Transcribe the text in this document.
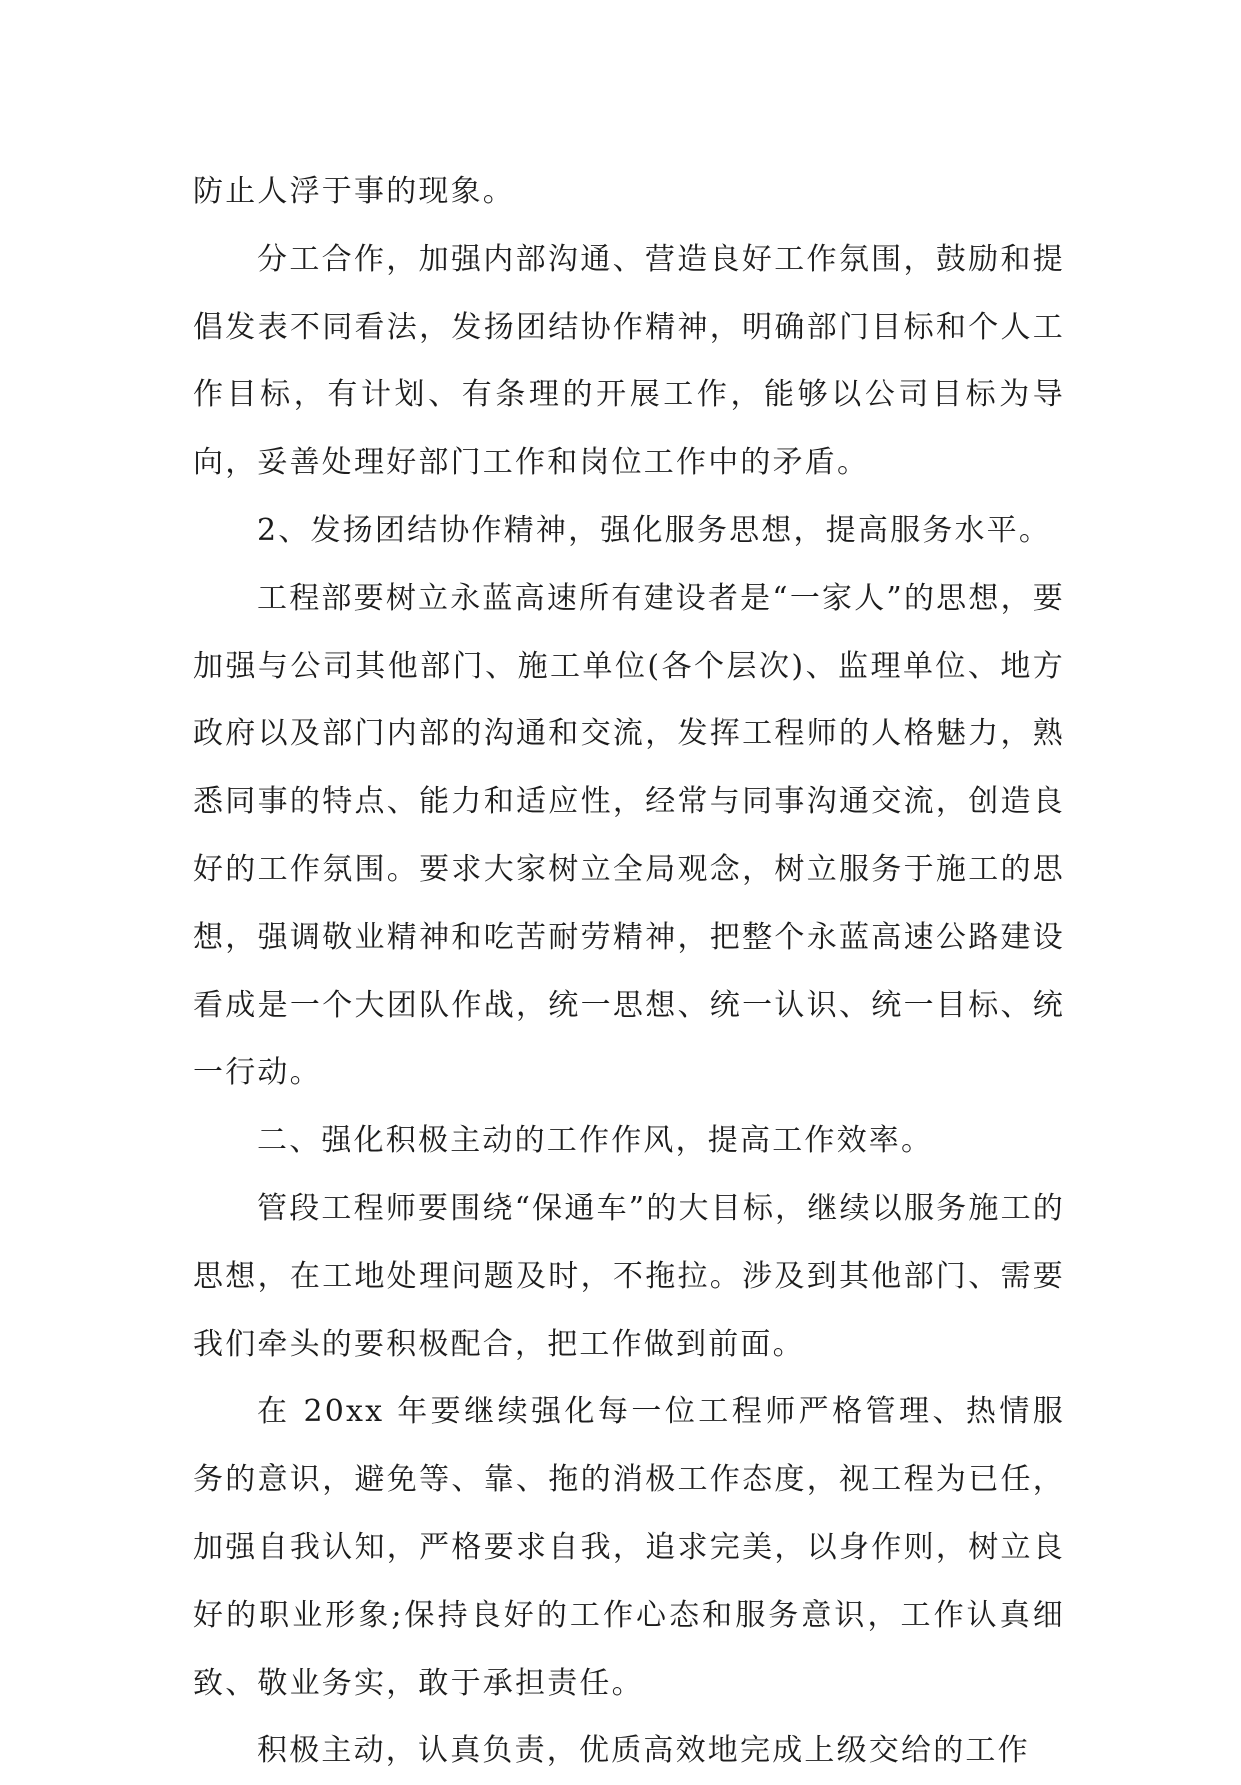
防止人浮于事的现象。

分工合作，加强内部沟通、营造良好工作氛围，鼓励和提倡发表不同看法，发扬团结协作精神，明确部门目标和个人工作目标，有计划、有条理的开展工作，能够以公司目标为导向，妥善处理好部门工作和岗位工作中的矛盾。

2、发扬团结协作精神，强化服务思想，提高服务水平。

工程部要树立永蓝高速所有建设者是“一家人”的思想，要加强与公司其他部门、施工单位(各个层次)、监理单位、地方政府以及部门内部的沟通和交流，发挥工程师的人格魅力，熟悉同事的特点、能力和适应性，经常与同事沟通交流，创造良好的工作氛围。要求大家树立全局观念，树立服务于施工的思想，强调敬业精神和吃苦耐劳精神，把整个永蓝高速公路建设看成是一个大团队作战，统一思想、统一认识、统一目标、统一行动。

二、强化积极主动的工作作风，提高工作效率。

管段工程师要围绕“保通车”的大目标，继续以服务施工的思想，在工地处理问题及时，不拖拉。涉及到其他部门、需要我们牵头的要积极配合，把工作做到前面。

在 20xx 年要继续强化每一位工程师严格管理、热情服务的意识，避免等、靠、拖的消极工作态度，视工程为已任，加强自我认知，严格要求自我，追求完美，以身作则，树立良好的职业形象;保持良好的工作心态和服务意识，工作认真细致、敬业务实，敢于承担责任。

积极主动，认真负责，优质高效地完成上级交给的工作
